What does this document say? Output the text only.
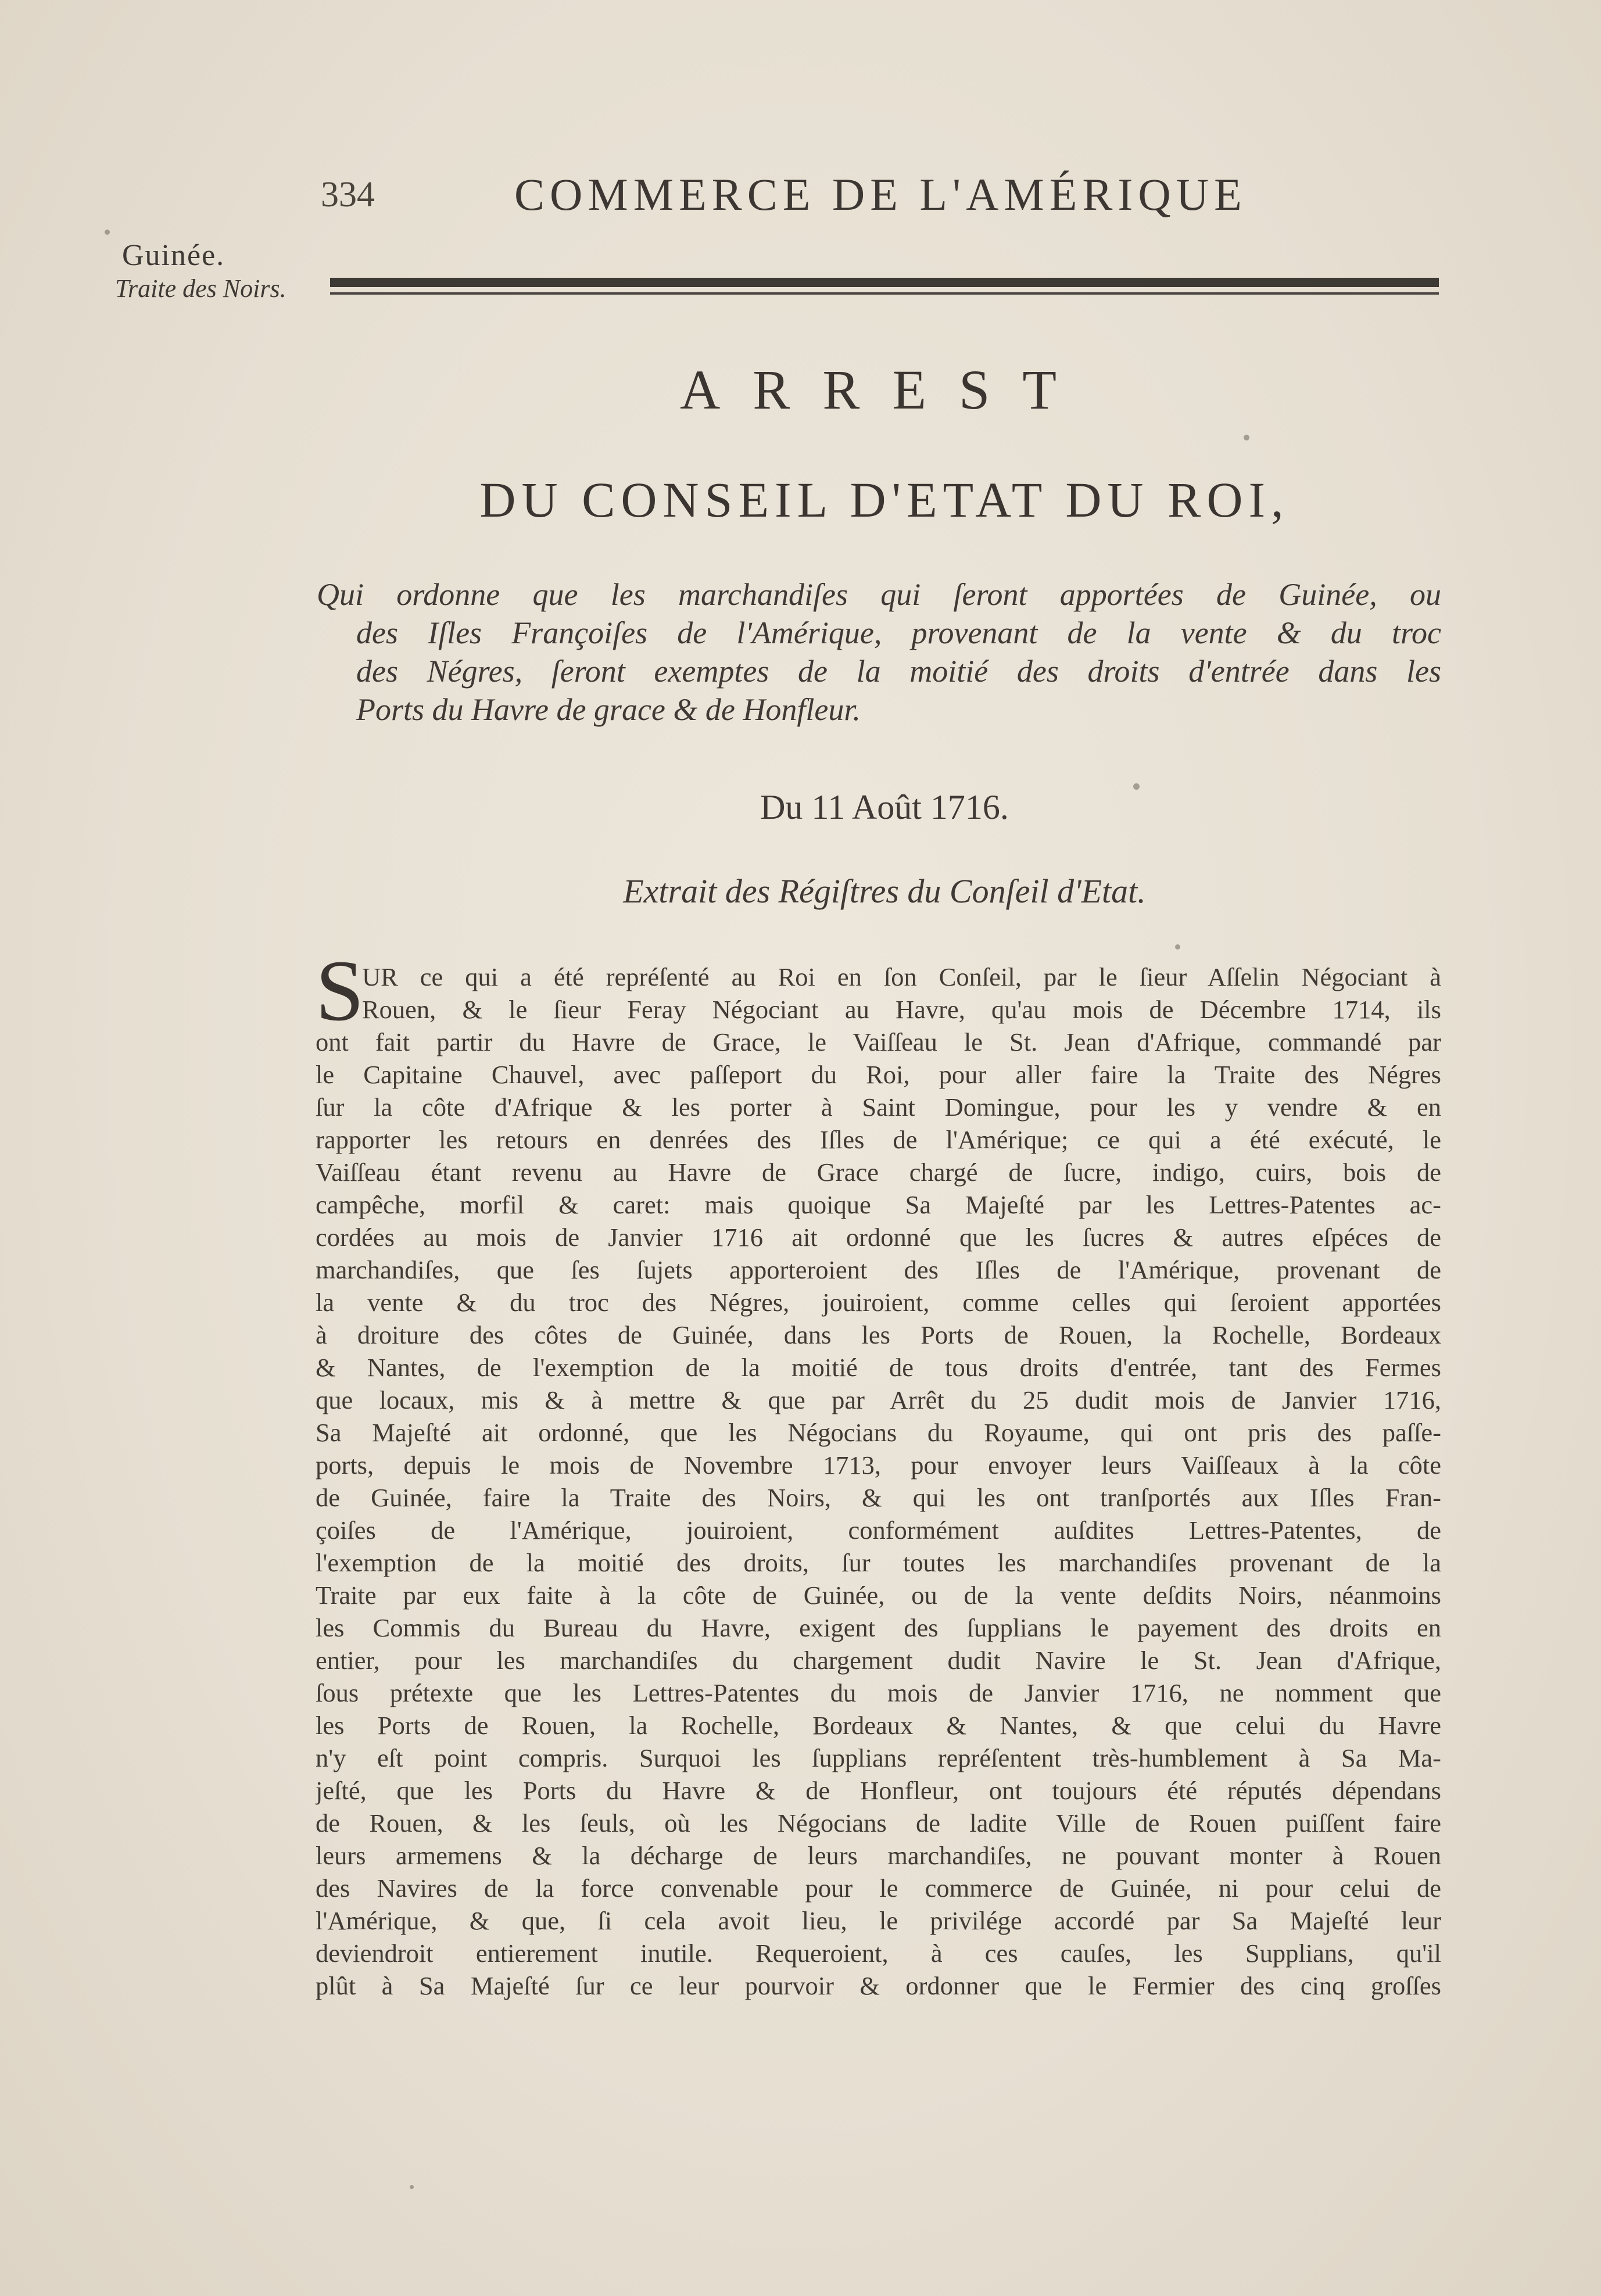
334	COMMERCE DE L'AMÉRIQUE
Guinée.
Traite des Noirs.
ARREST
DU CONSEIL D'ETAT DU ROI,
Qui ordonne que les marchandiſes qui ſeront apportées de Guinée, ou
des Iſles Françoiſes de l'Amérique, provenant de la vente & du troc
des Négres, ſeront exemptes de la moitié des droits d'entrée dans les
Ports du Havre de grace & de Honfleur.
Du 11 Août 1716.
Extrait des Régiſtres du Conſeil d'Etat.
S
UR ce qui a été repréſenté au Roi en ſon Conſeil, par le ſieur Aſſelin Négociant à
Rouen, & le ſieur Feray Négociant au Havre, qu'au mois de Décembre 1714, ils
ont fait partir du Havre de Grace, le Vaiſſeau le St. Jean d'Afrique, commandé par
le Capitaine Chauvel, avec paſſeport du Roi, pour aller faire la Traite des Négres
ſur la côte d'Afrique & les porter à Saint Domingue, pour les y vendre & en
rapporter les retours en denrées des Iſles de l'Amérique; ce qui a été exécuté, le
Vaiſſeau étant revenu au Havre de Grace chargé de ſucre, indigo, cuirs, bois de
campêche, morfil & caret: mais quoique Sa Majeſté par les Lettres-Patentes ac-
cordées au mois de Janvier 1716 ait ordonné que les ſucres & autres eſpéces de
marchandiſes, que ſes ſujets apporteroient des Iſles de l'Amérique, provenant de
la vente & du troc des Négres, jouiroient, comme celles qui ſeroient apportées
à droiture des côtes de Guinée, dans les Ports de Rouen, la Rochelle, Bordeaux
& Nantes, de l'exemption de la moitié de tous droits d'entrée, tant des Fermes
que locaux, mis & à mettre & que par Arrêt du 25 dudit mois de Janvier 1716,
Sa Majeſté ait ordonné, que les Négocians du Royaume, qui ont pris des paſſe-
ports, depuis le mois de Novembre 1713, pour envoyer leurs Vaiſſeaux à la côte
de Guinée, faire la Traite des Noirs, & qui les ont tranſportés aux Iſles Fran-
çoiſes de l'Amérique, jouiroient, conformément auſdites Lettres-Patentes, de
l'exemption de la moitié des droits, ſur toutes les marchandiſes provenant de la
Traite par eux faite à la côte de Guinée, ou de la vente deſdits Noirs, néanmoins
les Commis du Bureau du Havre, exigent des ſupplians le payement des droits en
entier, pour les marchandiſes du chargement dudit Navire le St. Jean d'Afrique,
ſous prétexte que les Lettres-Patentes du mois de Janvier 1716, ne nomment que
les Ports de Rouen, la Rochelle, Bordeaux & Nantes, & que celui du Havre
n'y eſt point compris. Surquoi les ſupplians repréſentent très-humblement à Sa Ma-
jeſté, que les Ports du Havre & de Honfleur, ont toujours été réputés dépendans
de Rouen, & les ſeuls, où les Négocians de ladite Ville de Rouen puiſſent faire
leurs armemens & la décharge de leurs marchandiſes, ne pouvant monter à Rouen
des Navires de la force convenable pour le commerce de Guinée, ni pour celui de
l'Amérique, & que, ſi cela avoit lieu, le privilége accordé par Sa Majeſté leur
deviendroit entierement inutile. Requeroient, à ces cauſes, les Supplians, qu'il
plût à Sa Majeſté ſur ce leur pourvoir & ordonner que le Fermier des cinq groſſes
